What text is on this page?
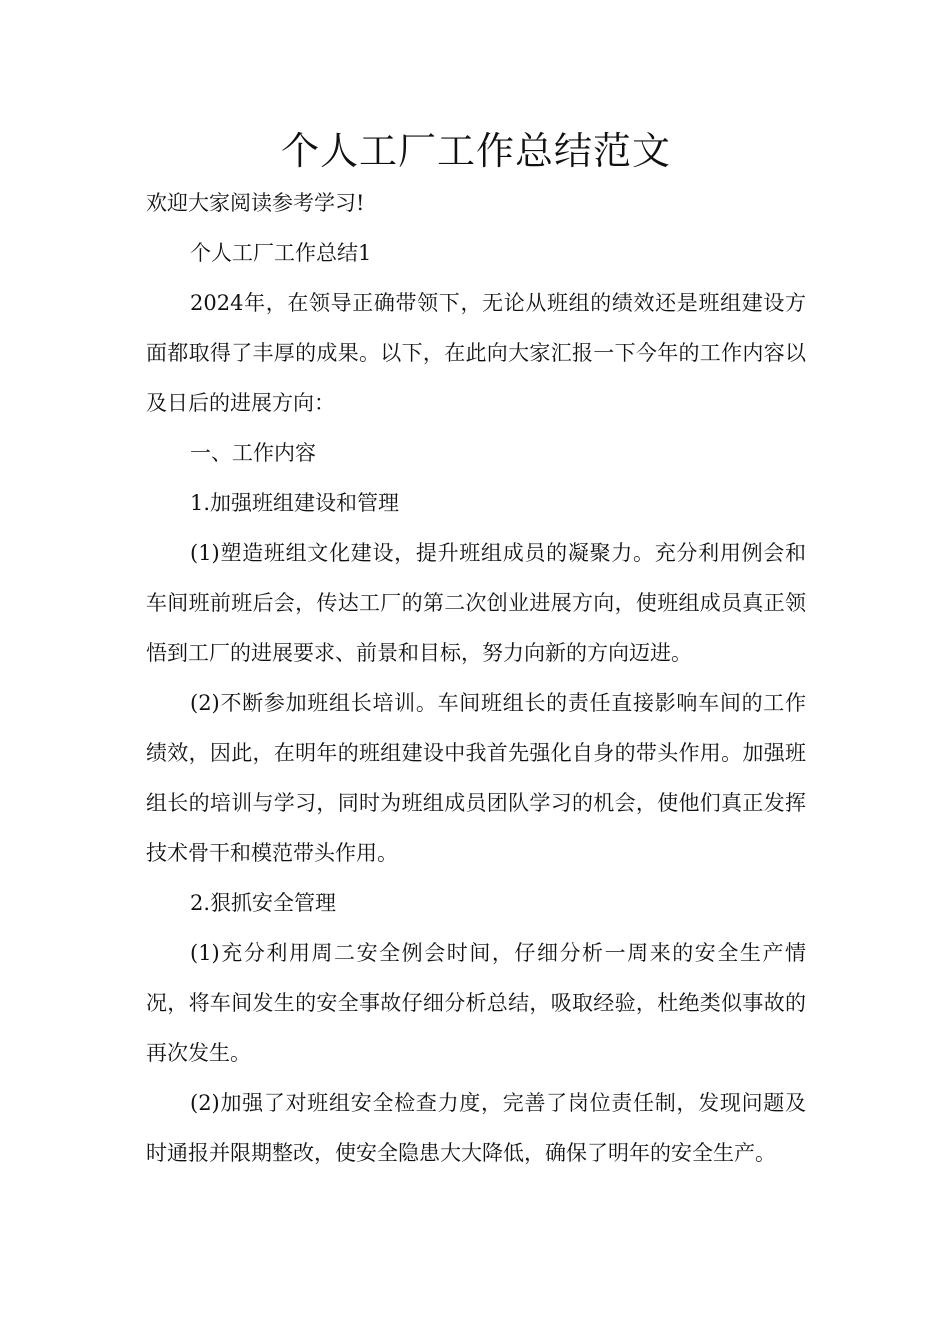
个人工厂工作总结范文

欢迎大家阅读参考学习!

个人工厂工作总结1

2024年，在领导正确带领下，无论从班组的绩效还是班组建设方面都取得了丰厚的成果。以下，在此向大家汇报一下今年的工作内容以及日后的进展方向：

一、工作内容

1.加强班组建设和管理

(1)塑造班组文化建设，提升班组成员的凝聚力。充分利用例会和车间班前班后会，传达工厂的第二次创业进展方向，使班组成员真正领悟到工厂的进展要求、前景和目标，努力向新的方向迈进。

(2)不断参加班组长培训。车间班组长的责任直接影响车间的工作绩效，因此，在明年的班组建设中我首先强化自身的带头作用。加强班组长的培训与学习，同时为班组成员团队学习的机会，使他们真正发挥技术骨干和模范带头作用。

2.狠抓安全管理

(1)充分利用周二安全例会时间，仔细分析一周来的安全生产情况，将车间发生的安全事故仔细分析总结，吸取经验，杜绝类似事故的再次发生。

(2)加强了对班组安全检查力度，完善了岗位责任制，发现问题及时通报并限期整改，使安全隐患大大降低，确保了明年的安全生产。
